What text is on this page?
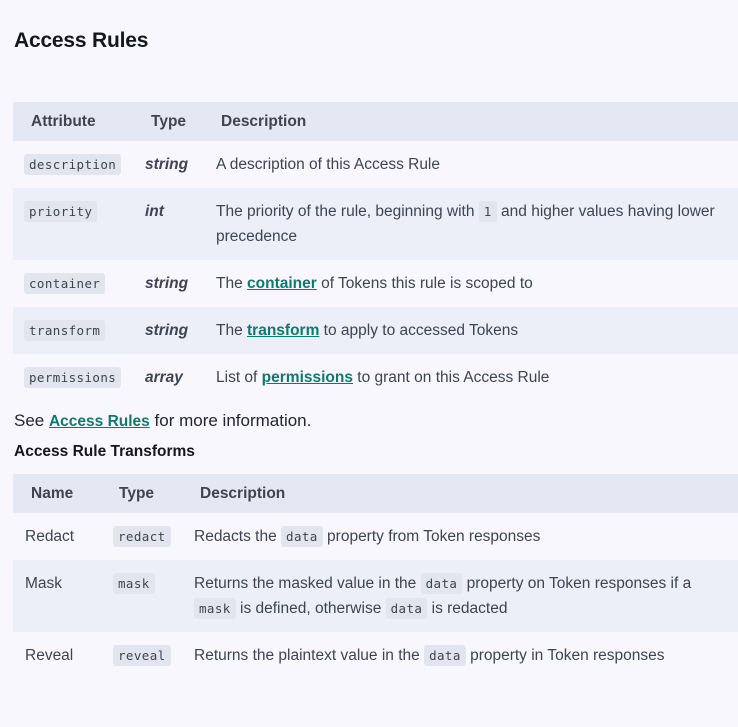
Access Rules
Attribute	Type	Description
description	string	A description of this Access Rule
priority	int	The priority of the rule, beginning with 1 and higher values having lower precedence
container	string	The container of Tokens this rule is scoped to
transform	string	The transform to apply to accessed Tokens
permissions	array	List of permissions to grant on this Access Rule

See Access Rules for more information.

Access Rule Transforms
Name	Type	Description
Redact	redact	Redacts the data property from Token responses
Mask	mask	Returns the masked value in the data property on Token responses if a mask is defined, otherwise data is redacted
Reveal	reveal	Returns the plaintext value in the data property in Token responses
